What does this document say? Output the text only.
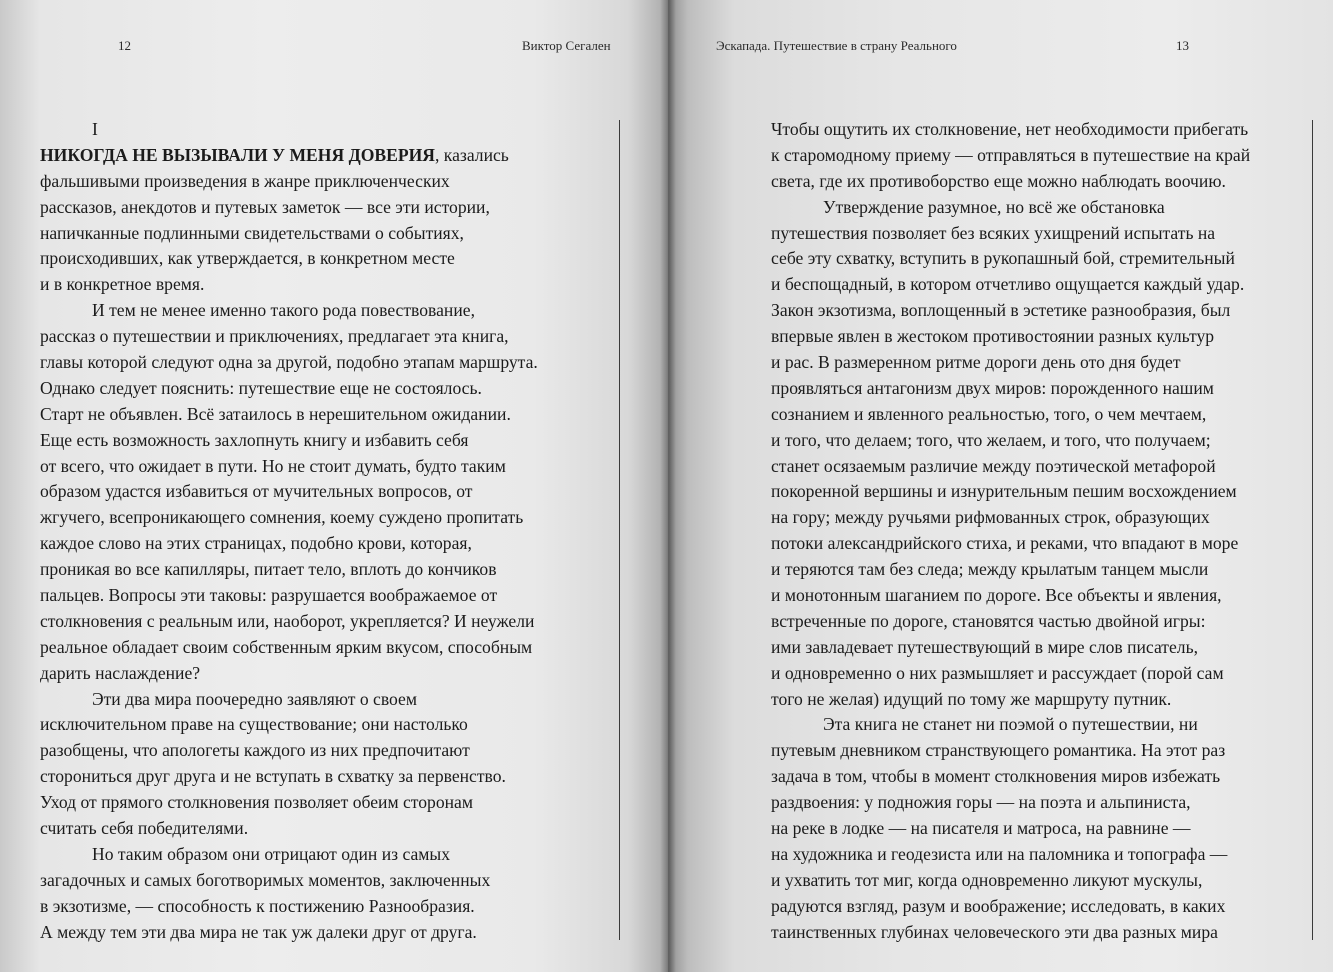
12	Виктор Сегален	Эскапада. Путешествие в страну Реального	13
I
НИКОГДА НЕ ВЫЗЫВАЛИ У МЕНЯ ДОВЕРИЯ, казались
фальшивыми произведения в жанре приключенческих
рассказов, анекдотов и путевых заметок — все эти истории,
напичканные подлинными свидетельствами о событиях,
происходивших, как утверждается, в конкретном месте
и в конкретное время.
И тем не менее именно такого рода повествование,
рассказ о путешествии и приключениях, предлагает эта книга,
главы которой следуют одна за другой, подобно этапам маршрута.
Однако следует пояснить: путешествие еще не состоялось.
Старт не объявлен. Всё затаилось в нерешительном ожидании.
Еще есть возможность захлопнуть книгу и избавить себя
от всего, что ожидает в пути. Но не стоит думать, будто таким
образом удастся избавиться от мучительных вопросов, от
жгучего, всепроникающего сомнения, коему суждено пропитать
каждое слово на этих страницах, подобно крови, которая,
проникая во все капилляры, питает тело, вплоть до кончиков
пальцев. Вопросы эти таковы: разрушается воображаемое от
столкновения с реальным или, наоборот, укрепляется? И неужели
реальное обладает своим собственным ярким вкусом, способным
дарить наслаждение?
Эти два мира поочередно заявляют о своем
исключительном праве на существование; они настолько
разобщены, что апологеты каждого из них предпочитают
сторониться друг друга и не вступать в схватку за первенство.
Уход от прямого столкновения позволяет обеим сторонам
считать себя победителями.
Но таким образом они отрицают один из самых
загадочных и самых боготворимых моментов, заключенных
в экзотизме, — способность к постижению Разнообразия.
А между тем эти два мира не так уж далеки друг от друга.
Чтобы ощутить их столкновение, нет необходимости прибегать
к старомодному приему — отправляться в путешествие на край
света, где их противоборство еще можно наблюдать воочию.
Утверждение разумное, но всё же обстановка
путешествия позволяет без всяких ухищрений испытать на
себе эту схватку, вступить в рукопашный бой, стремительный
и беспощадный, в котором отчетливо ощущается каждый удар.
Закон экзотизма, воплощенный в эстетике разнообразия, был
впервые явлен в жестоком противостоянии разных культур
и рас. В размеренном ритме дороги день ото дня будет
проявляться антагонизм двух миров: порожденного нашим
сознанием и явленного реальностью, того, о чем мечтаем,
и того, что делаем; того, что желаем, и того, что получаем;
станет осязаемым различие между поэтической метафорой
покоренной вершины и изнурительным пешим восхождением
на гору; между ручьями рифмованных строк, образующих
потоки александрийского стиха, и реками, что впадают в море
и теряются там без следа; между крылатым танцем мысли
и монотонным шаганием по дороге. Все объекты и явления,
встреченные по дороге, становятся частью двойной игры:
ими завладевает путешествующий в мире слов писатель,
и одновременно о них размышляет и рассуждает (порой сам
того не желая) идущий по тому же маршруту путник.
Эта книга не станет ни поэмой о путешествии, ни
путевым дневником странствующего романтика. На этот раз
задача в том, чтобы в момент столкновения миров избежать
раздвоения: у подножия горы — на поэта и альпиниста,
на реке в лодке — на писателя и матроса, на равнине —
на художника и геодезиста или на паломника и топографа —
и ухватить тот миг, когда одновременно ликуют мускулы,
радуются взгляд, разум и воображение; исследовать, в каких
таинственных глубинах человеческого эти два разных мира
